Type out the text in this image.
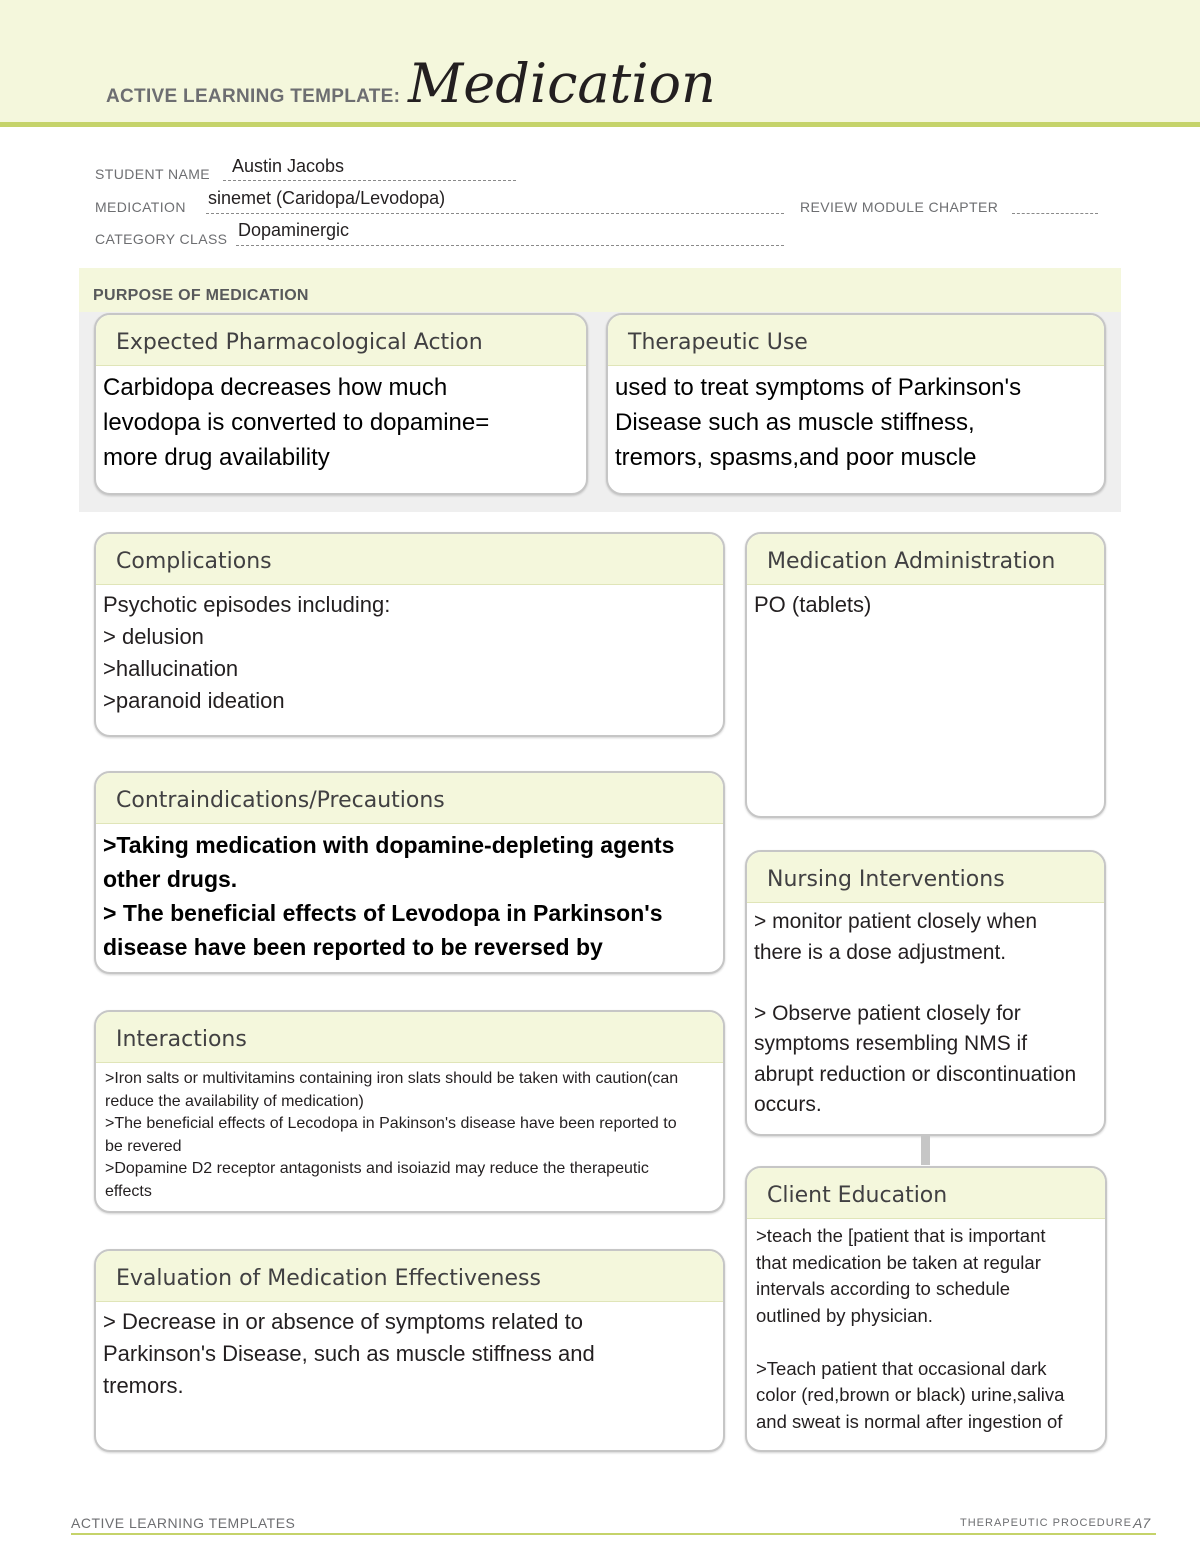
ACTIVE LEARNING TEMPLATE: Medication
STUDENT NAME Austin Jacobs
MEDICATION sinemet (Caridopa/Levodopa)	REVIEW MODULE CHAPTER
CATEGORY CLASS Dopaminergic
PURPOSE OF MEDICATION
Expected Pharmacological Action
Carbidopa decreases how much
levodopa is converted to dopamine=
more drug availability
Therapeutic Use
used to treat symptoms of Parkinson's
Disease such as muscle stiffness,
tremors, spasms,and poor muscle
Complications
Psychotic episodes including:
> delusion
>hallucination
>paranoid ideation
Medication Administration
PO (tablets)
Contraindications/Precautions
>Taking medication with dopamine-depleting agents
other drugs.
> The beneficial effects of Levodopa in Parkinson's
disease have been reported to be reversed by
Nursing Interventions
> monitor patient closely when
there is a dose adjustment.

> Observe patient closely for
symptoms resembling NMS if
abrupt reduction or discontinuation
occurs.
Interactions
>Iron salts or multivitamins containing iron slats should be taken with caution(can
reduce the availability of medication)
>The beneficial effects of Lecodopa in Pakinson's disease have been reported to
be revered
>Dopamine D2 receptor antagonists and isoiazid may reduce the therapeutic
effects	Client Education
>teach the [patient that is important
that medication be taken at regular
intervals according to schedule
outlined by physician.

>Teach patient that occasional dark
color (red,brown or black) urine,saliva
and sweat is normal after ingestion of
Evaluation of Medication Effectiveness
> Decrease in or absence of symptoms related to
Parkinson's Disease, such as muscle stiffness and
tremors.
ACTIVE LEARNING TEMPLATES	THERAPEUTIC PROCEDURE A7
